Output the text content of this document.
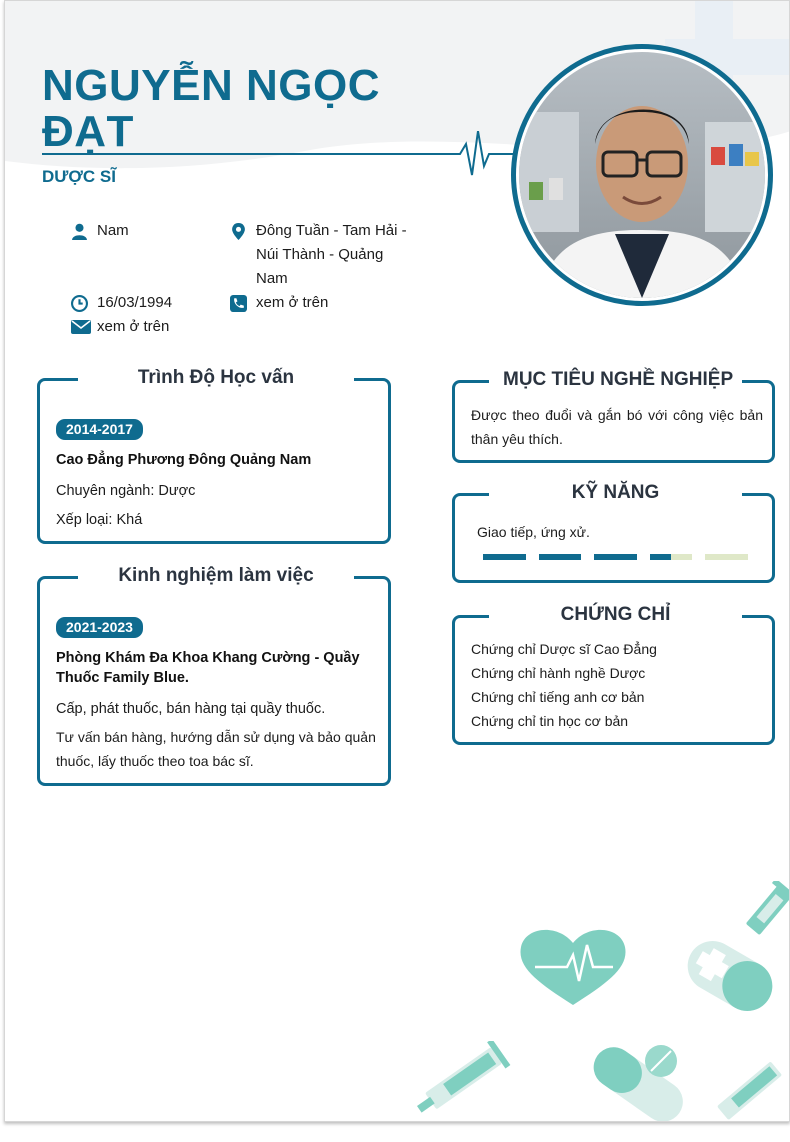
NGUYỄN NGỌC ĐẠT
DƯỢC SĨ
Nam	Đông Tuần - Tam Hải - Núi Thành - Quảng Nam
16/03/1994	xem ở trên
xem ở trên
Trình Độ Học vấn
2014-2017
Cao Đẳng Phương Đông Quảng Nam
Chuyên ngành: Dược
Xếp loại: Khá
Kinh nghiệm làm việc
2021-2023
Phòng Khám Đa Khoa Khang Cường - Quầy Thuốc Family Blue.
Cấp, phát thuốc, bán hàng tại quầy thuốc.
Tư vấn bán hàng, hướng dẫn sử dụng và bảo quản thuốc, lấy thuốc theo toa bác sĩ.
MỤC TIÊU NGHỀ NGHIỆP
Được theo đuổi và gắn bó với công việc bản thân yêu thích.
KỸ NĂNG
Giao tiếp, ứng xử.
CHỨNG CHỈ
Chứng chỉ Dược sĩ Cao Đẳng
Chứng chỉ hành nghề Dược
Chứng chỉ tiếng anh cơ bản
Chứng chỉ tin học cơ bản
